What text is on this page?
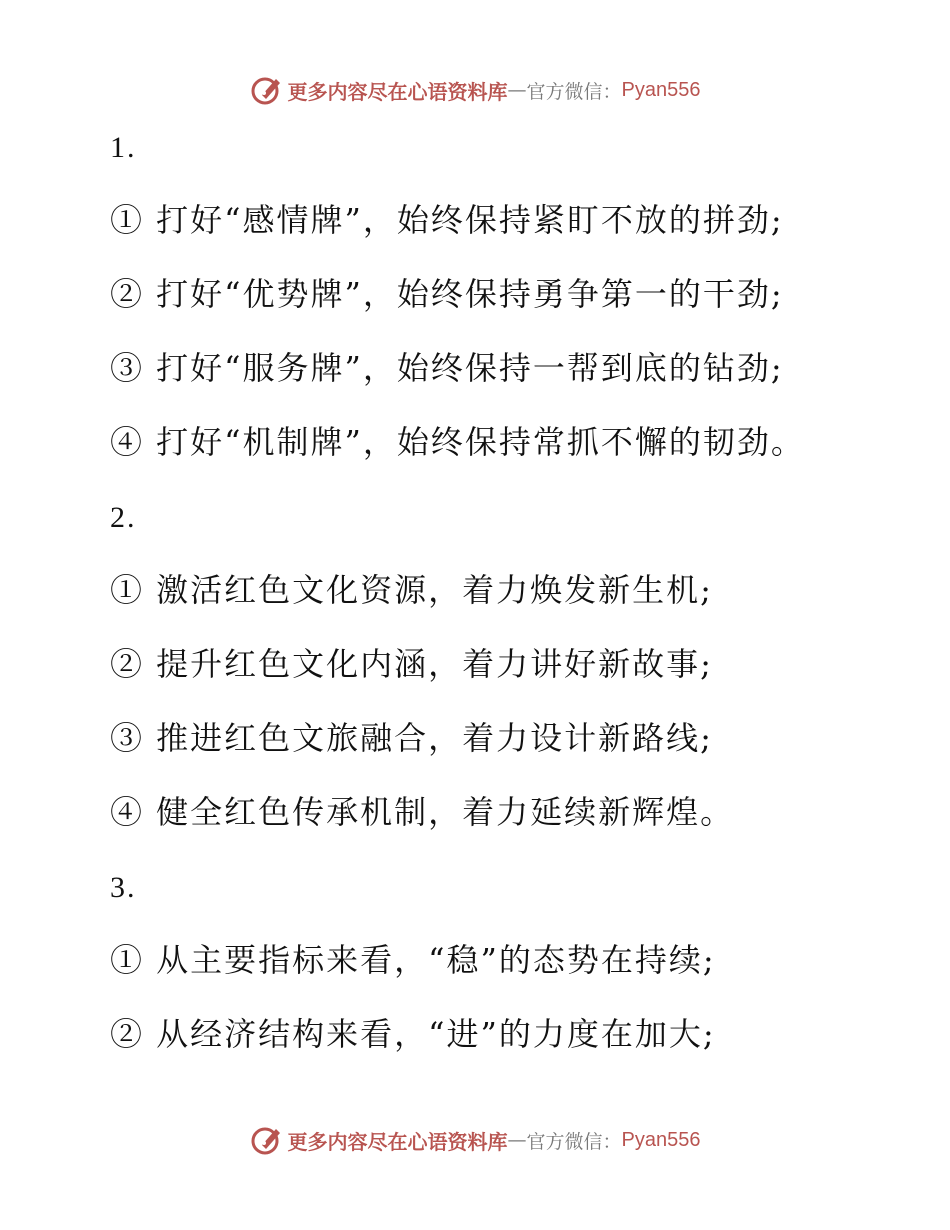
更多内容尽在心语资料库 — 官方微信： Pyan556
1.
① 打好“感情牌”，始终保持紧盯不放的拼劲;
② 打好“优势牌”，始终保持勇争第一的干劲;
③ 打好“服务牌”，始终保持一帮到底的钻劲;
④ 打好“机制牌”，始终保持常抓不懈的韧劲。
2.
① 激活红色文化资源，着力焕发新生机;
② 提升红色文化内涵，着力讲好新故事;
③ 推进红色文旅融合，着力设计新路线;
④ 健全红色传承机制，着力延续新辉煌。
3.
① 从主要指标来看，“稳”的态势在持续;
② 从经济结构来看，“进”的力度在加大;
更多内容尽在心语资料库 — 官方微信： Pyan556
